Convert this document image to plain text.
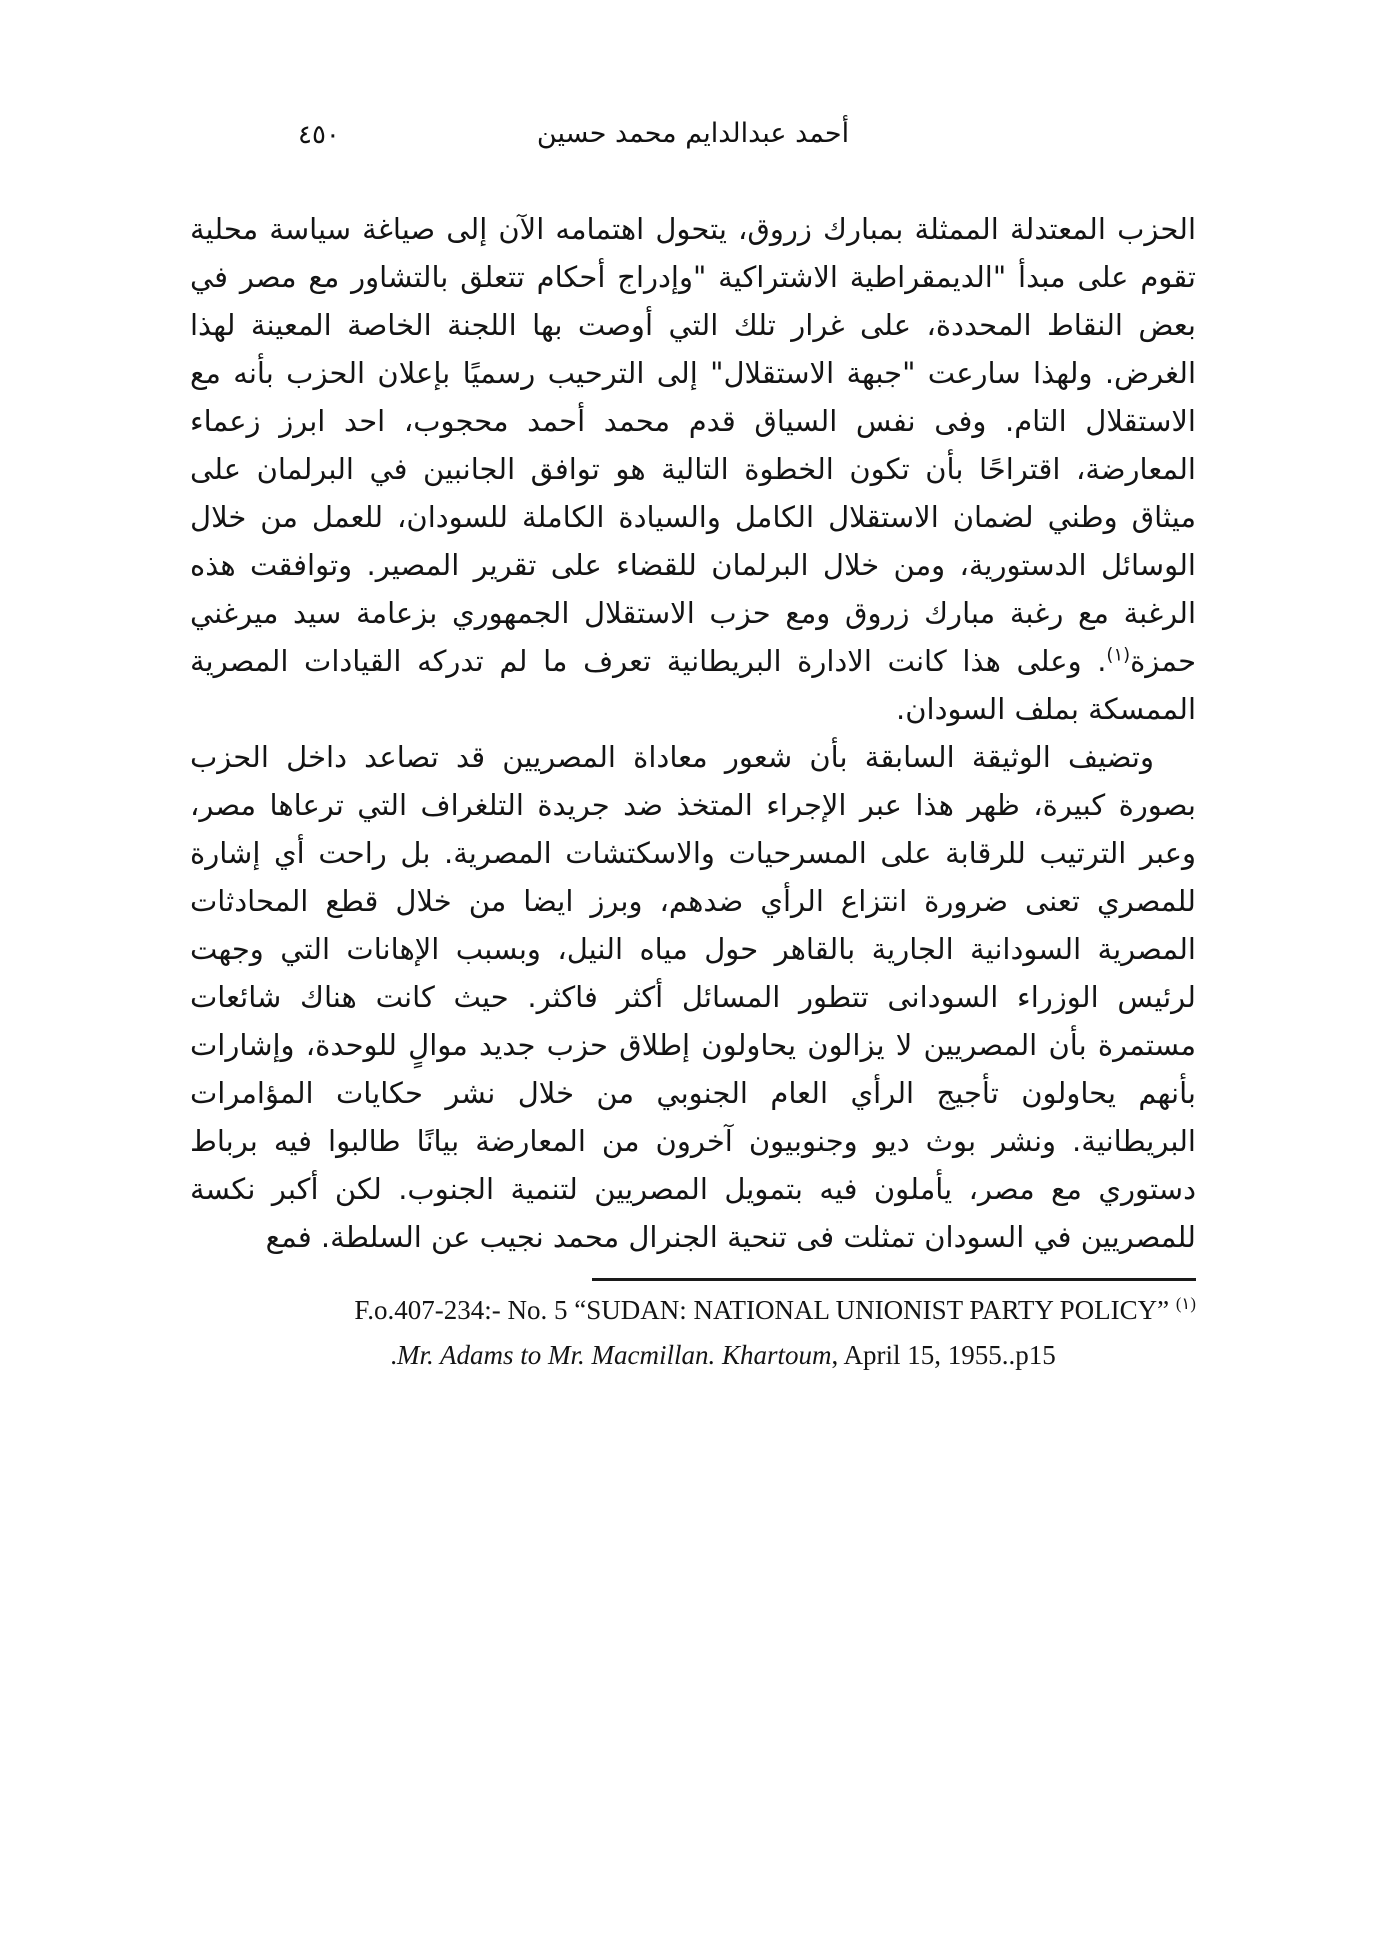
أحمد عبدالدايم محمد حسين
٤٥٠

الحزب المعتدلة الممثلة بمبارك زروق، يتحول اهتمامه الآن إلى صياغة سياسة محلية تقوم على مبدأ "الديمقراطية الاشتراكية "وإدراج أحكام تتعلق بالتشاور مع مصر في بعض النقاط المحددة، على غرار تلك التي أوصت بها اللجنة الخاصة المعينة لهذا الغرض. ولهذا سارعت "جبهة الاستقلال" إلى الترحيب رسميًا بإعلان الحزب بأنه مع الاستقلال التام. وفى نفس السياق قدم محمد أحمد محجوب، احد ابرز زعماء المعارضة، اقتراحًا بأن تكون الخطوة التالية هو توافق الجانبين في البرلمان على ميثاق وطني لضمان الاستقلال الكامل والسيادة الكاملة للسودان، للعمل من خلال الوسائل الدستورية، ومن خلال البرلمان للقضاء على تقرير المصير. وتوافقت هذه الرغبة مع رغبة مبارك زروق ومع حزب الاستقلال الجمهوري بزعامة سيد ميرغني حمزة$^{(١)}$. وعلى هذا كانت الادارة البريطانية تعرف ما لم تدركه القيادات المصرية الممسكة بملف السودان.

وتضيف الوثيقة السابقة بأن شعور معاداة المصريين قد تصاعد داخل الحزب بصورة كبيرة، ظهر هذا عبر الإجراء المتخذ ضد جريدة التلغراف التي ترعاها مصر، وعبر الترتيب للرقابة على المسرحيات والاسكتشات المصرية. بل راحت أي إشارة للمصري تعنى ضرورة انتزاع الرأي ضدهم، وبرز ايضا من خلال قطع المحادثات المصرية السودانية الجارية بالقاهر حول مياه النيل، وبسبب الإهانات التي وجهت لرئيس الوزراء السودانى تتطور المسائل أكثر فاكثر. حيث كانت هناك شائعات مستمرة بأن المصريين لا يزالون يحاولون إطلاق حزب جديد موالٍ للوحدة، وإشارات بأنهم يحاولون تأجيج الرأي العام الجنوبي من خلال نشر حكايات المؤامرات البريطانية. ونشر بوث ديو وجنوبيون آخرون من المعارضة بيانًا طالبوا فيه برباط دستوري مع مصر، يأملون فيه بتمويل المصريين لتنمية الجنوب. لكن أكبر نكسة للمصريين في السودان تمثلت فى تنحية الجنرال محمد نجيب عن السلطة. فمع

F.o.407-234:- No. 5 “SUDAN: NATIONAL UNIONIST PARTY POLICY” $^{(١)}$
.Mr. Adams to Mr. Macmillan. Khartoum, April 15, 1955..p15
